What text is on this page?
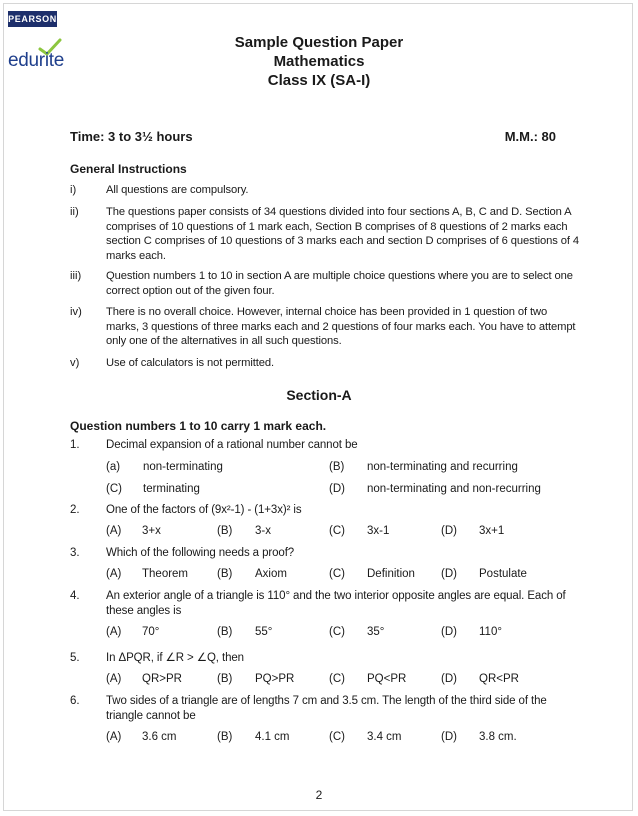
PEARSON
edurite
Sample Question Paper
Mathematics
Class IX (SA-I)
Time: 3 to 3½ hours	M.M.: 80
General Instructions
i)	All questions are compulsory.
ii) The questions paper consists of 34 questions divided into four sections A, B, C and D. Section A comprises of 10 questions of 1 mark each, Section B comprises of 8 questions of 2 marks each section C comprises of 10 questions of 3 marks each and section D comprises of 6 questions of 4 marks each.
iii) Question numbers 1 to 10 in section A are multiple choice questions where you are to select one correct option out of the given four.
iv) There is no overall choice. However, internal choice has been provided in 1 question of two marks, 3 questions of three marks each and 2 questions of four marks each. You have to attempt only one of the alternatives in all such questions.
v) Use of calculators is not permitted.
Section-A
Question numbers 1 to 10 carry 1 mark each.
1. Decimal expansion of a rational number cannot be
(a) non-terminating	(B) non-terminating and recurring
(C) terminating	(D) non-terminating and non-recurring
2. One of the factors of (9x²-1) - (1+3x)² is
(A) 3+x	(B) 3-x	(C) 3x-1	(D) 3x+1
3. Which of the following needs a proof?
(A) Theorem	(B) Axiom	(C) Definition (D) Postulate
4. An exterior angle of a triangle is 110° and the two interior opposite angles are equal. Each of these angles is
(A) 70°	(B) 55°	(C) 35°	(D) 110°
5. In ΔPQR, if ∠R > ∠Q, then
(A) QR>PR	(B) PQ>PR	(C) PQ<PR	(D) QR<PR
6. Two sides of a triangle are of lengths 7 cm and 3.5 cm. The length of the third side of the triangle cannot be
(A) 3.6 cm	(B) 4.1 cm	(C) 3.4 cm	(D) 3.8 cm.
2
